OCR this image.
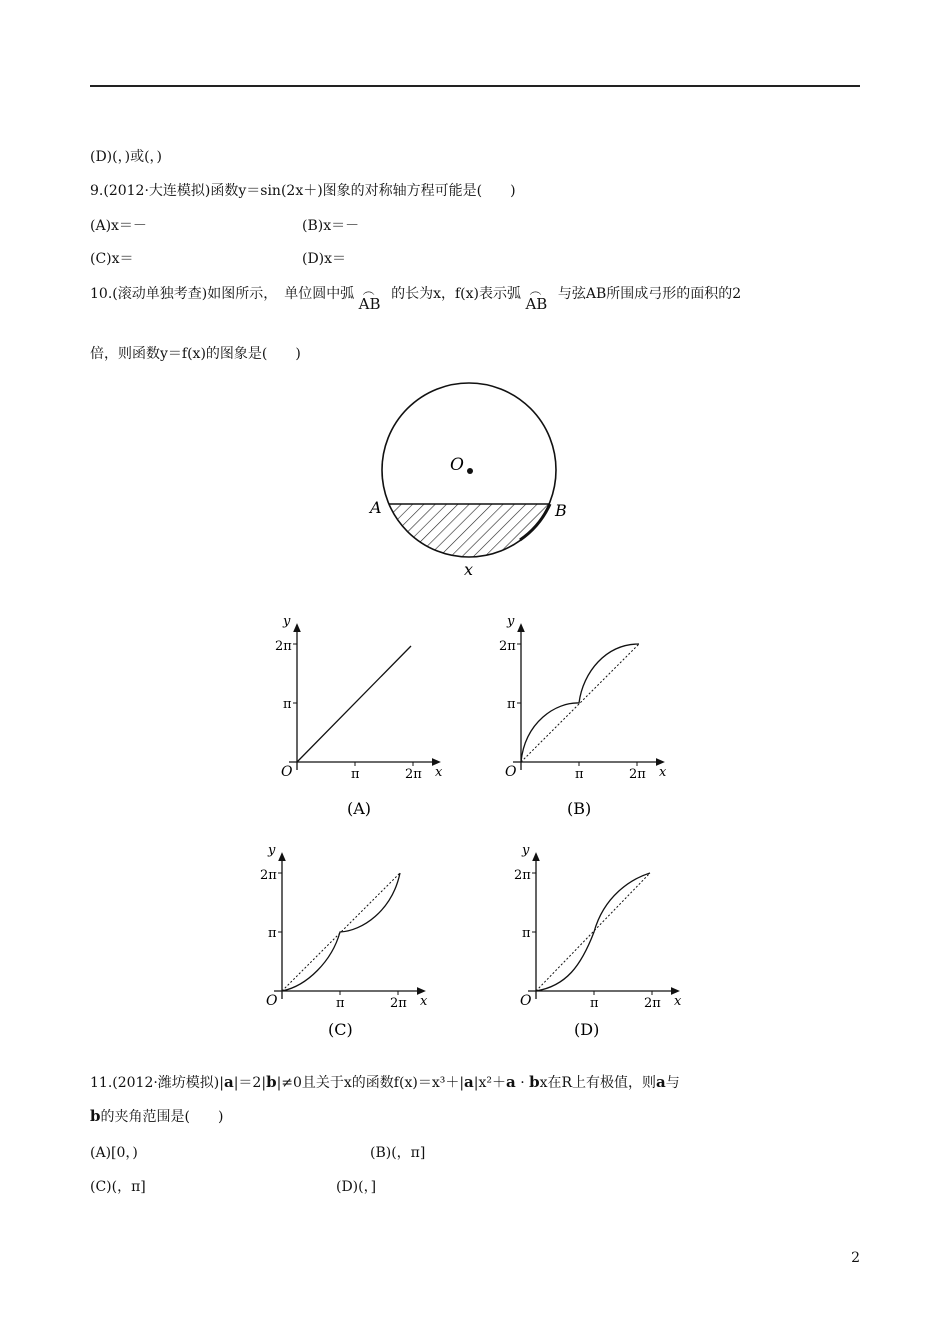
(D)(，)或(，)
9.(2012·大连模拟)函数y＝sin(2x＋)图象的对称轴方程可能是(　　)
(A)x＝－	(B)x＝－
(C)x＝	(D)x＝
10.(滚动单独考查)如图所示，　单位圆中弧 ︵
AB
的长为x，f(x)表示弧 ︵
AB
与弦AB所围成弓形的面积的2
倍，则函数y＝f(x)的图象是(　　)
O
A	B
x
y
x
O
π
2π
π	2π
(A)
y
x
O
π
2π
π	2π
(B)
y
x
O
π
2π
π	2π
(C)
y
x
O
π
2π
π	2π
(D)
11.(2012·潍坊模拟)|a|＝2|b|≠0且关于x的函数f(x)＝x³＋|a|x²＋a · bx在R上有极值，则a与
b的夹角范围是(　　)
(A)[0，)	(B)(，π]
(C)(，π]	(D)(，]
2
